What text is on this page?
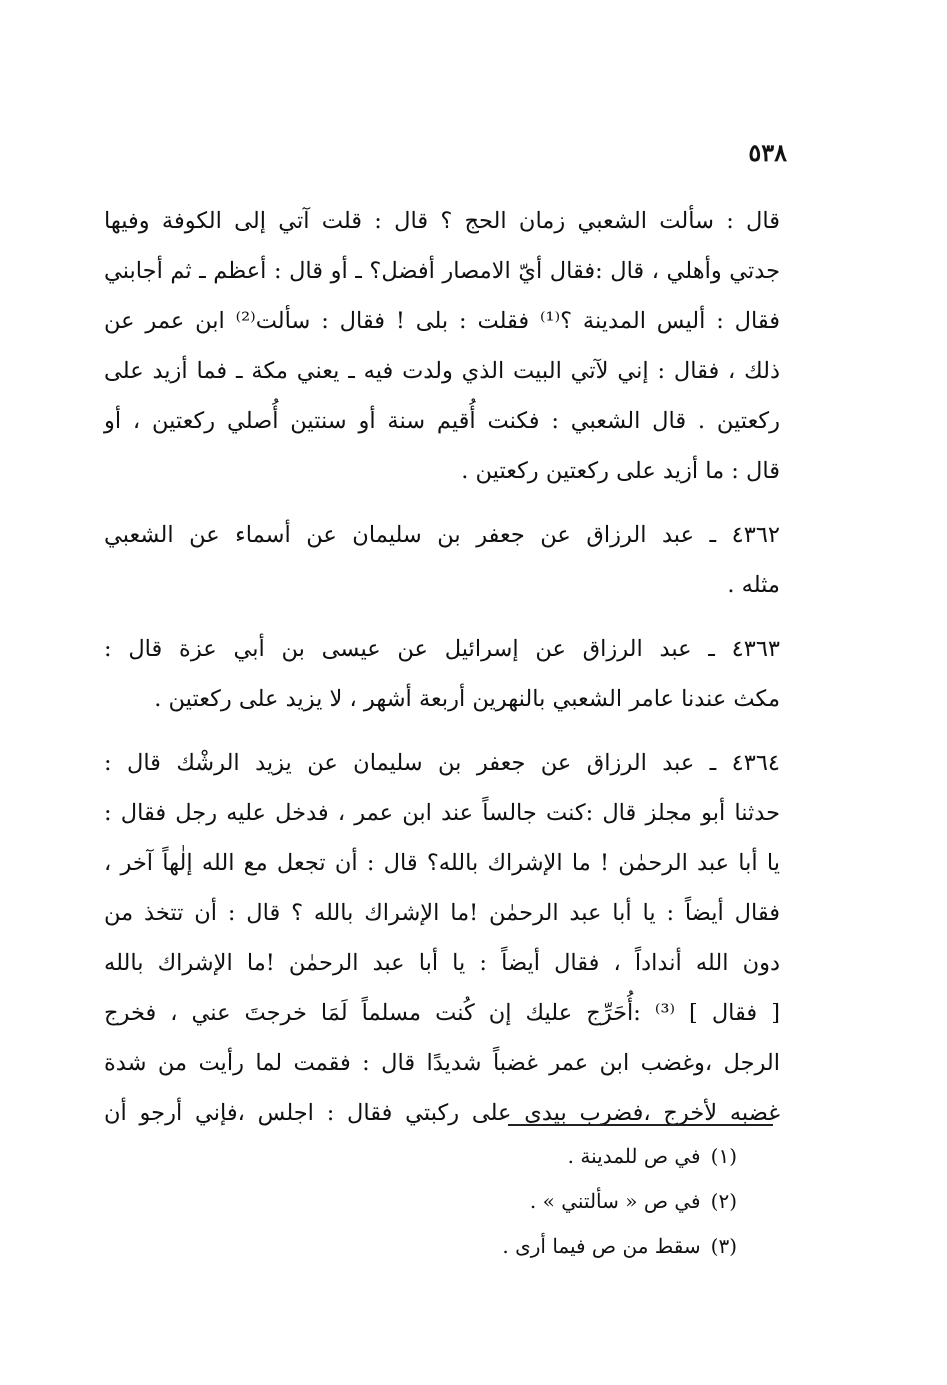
٥٣٨

قال : سألت الشعبي زمان الحج ؟ قال : قلت آتي إلى الكوفة وفيها
جدتي وأهلي ، قال :فقال أيّ الامصار أفضل؟ ـ أو قال : أعظم ـ ثم أجابني
فقال : أليس المدينة ؟⁽¹⁾ فقلت : بلى ! فقال : سألت⁽²⁾ ابن عمر عن
ذلك ، فقال : إني لآتي البيت الذي ولدت فيه ـ يعني مكة ـ فما أزيد على
ركعتين . قال الشعبي : فكنت أُقيم سنة أو سنتين أُصلي ركعتين ، أو
قال : ما أزيد على ركعتين ركعتين .

٤٣٦٢ ـ عبد الرزاق عن جعفر بن سليمان عن أسماء عن الشعبي
مثله .

٤٣٦٣ ـ عبد الرزاق عن إسرائيل عن عيسى بن أبي عزة قال :
مكث عندنا عامر الشعبي بالنهرين أربعة أشهر ، لا يزيد على ركعتين .

٤٣٦٤ ـ عبد الرزاق عن جعفر بن سليمان عن يزيد الرشْك قال :
حدثنا أبو مجلز قال :كنت جالساً عند ابن عمر ، فدخل عليه رجل فقال :
يا أبا عبد الرحمٰن ! ما الإشراك بالله؟ قال : أن تجعل مع الله إلٰهاً آخر ،
فقال أيضاً : يا أبا عبد الرحمٰن !ما الإشراك بالله ؟ قال : أن تتخذ من
دون الله أنداداً ، فقال أيضاً : يا أبا عبد الرحمٰن !ما الإشراك بالله
[ فقال ] ⁽³⁾ :أُحَرِّج عليك إن كُنت مسلماً لَمَا خرجتَ عني ، فخرج
الرجل ،وغضب ابن عمر غضباً شديدًا قال : فقمت لما رأيت من شدة
غضبه لأخرج ،فضرب بيدي على ركبتي فقال : اجلس ،فإني أرجو أن

(١)في ص للمدينة .
(٢)في ص « سألتني » .
(٣)سقط من ص فيما أرى .
